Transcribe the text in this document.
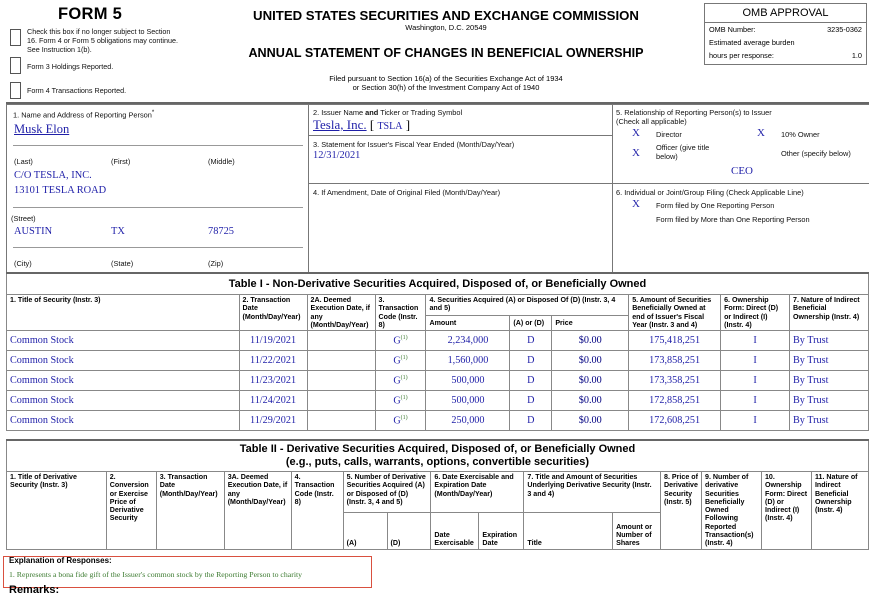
FORM 5
Check this box if no longer subject to Section
16. Form 4 or Form 5 obligations may continue.
See Instruction 1(b).
Form 3 Holdings Reported.
Form 4 Transactions Reported.
UNITED STATES SECURITIES AND EXCHANGE COMMISSION
Washington, D.C. 20549
ANNUAL STATEMENT OF CHANGES IN BENEFICIAL OWNERSHIP
Filed pursuant to Section 16(a) of the Securities Exchange Act of 1934
or Section 30(h) of the Investment Company Act of 1940
OMB APPROVAL
OMB Number:	3235-0362
Estimated average burden
hours per response:	1.0
1. Name and Address of Reporting Person*
Musk Elon
(Last)	(First)	(Middle)
C/O TESLA, INC.
13101 TESLA ROAD
(Street)
AUSTIN	TX	78725
(City)	(State)	(Zip)
2. Issuer Name and Ticker or Trading Symbol
Tesla, Inc. [ TSLA ]
3. Statement for Issuer's Fiscal Year Ended (Month/Day/Year)
12/31/2021
4. If Amendment, Date of Original Filed (Month/Day/Year)
5. Relationship of Reporting Person(s) to Issuer
(Check all applicable)
X Director	X 10% Owner
X Officer (give title
below)	Other (specify below)
CEO
6. Individual or Joint/Group Filing (Check Applicable Line)
X Form filed by One Reporting Person
Form filed by More than One Reporting Person
Table I - Non-Derivative Securities Acquired, Disposed of, or Beneficially Owned									
1. Title of Security (Instr. 3)	2. Transaction Date (Month/Day/Year)	2A. Deemed Execution Date, if any (Month/Day/Year)	3. Transaction Code (Instr. 8)	4. Securities Acquired (A) or Disposed Of (D) (Instr. 3, 4 and 5)			5. Amount of Securities Beneficially Owned at end of Issuer's Fiscal Year (Instr. 3 and 4)	6. Ownership Form: Direct (D) or Indirect (I) (Instr. 4)	7. Nature of Indirect Beneficial Ownership (Instr. 4)
				Amount	(A) or (D)	Price			
Common Stock	11/19/2021		$G^{(1)}$	2,234,000	D	$0.00	175,418,251	I	By Trust
Common Stock	11/22/2021		$G^{(1)}$	1,560,000	D	$0.00	173,858,251	I	By Trust
Common Stock	11/23/2021		$G^{(1)}$	500,000	D	$0.00	173,358,251	I	By Trust
Common Stock	11/24/2021		$G^{(1)}$	500,000	D	$0.00	172,858,251	I	By Trust
Common Stock	11/29/2021		$G^{(1)}$	250,000	D	$0.00	172,608,251	I	By Trust
Table II - Derivative Securities Acquired, Disposed of, or Beneficially Owned
(e.g., puts, calls, warrants, options, convertible securities)														

1. Title of Derivative Security (Instr. 3)	2. Conversion or Exercise Price of Derivative Security	3. Transaction Date (Month/Day/Year)	3A. Deemed Execution Date, if any (Month/Day/Year)	4. Transaction Code (Instr. 8)	5. Number of Derivative Securities Acquired (A) or Disposed of (D) (Instr. 3, 4 and 5)		6. Date Exercisable and Expiration Date (Month/Day/Year)		7. Title and Amount of Securities Underlying Derivative Security (Instr. 3 and 4)		8. Price of Derivative Security (Instr. 5)	9. Number of derivative Securities Beneficially Owned Following Reported Transaction(s) (Instr. 4)	10. Ownership Form: Direct (D) or Indirect (I) (Instr. 4)	11. Nature of Indirect Beneficial Ownership (Instr. 4)
					(A)	(D)	Date Exercisable	Expiration Date	Title	Amount or Number of Shares				
Explanation of Responses:
1. Represents a bona fide gift of the Issuer's common stock by the Reporting Person to charity
Remarks:
